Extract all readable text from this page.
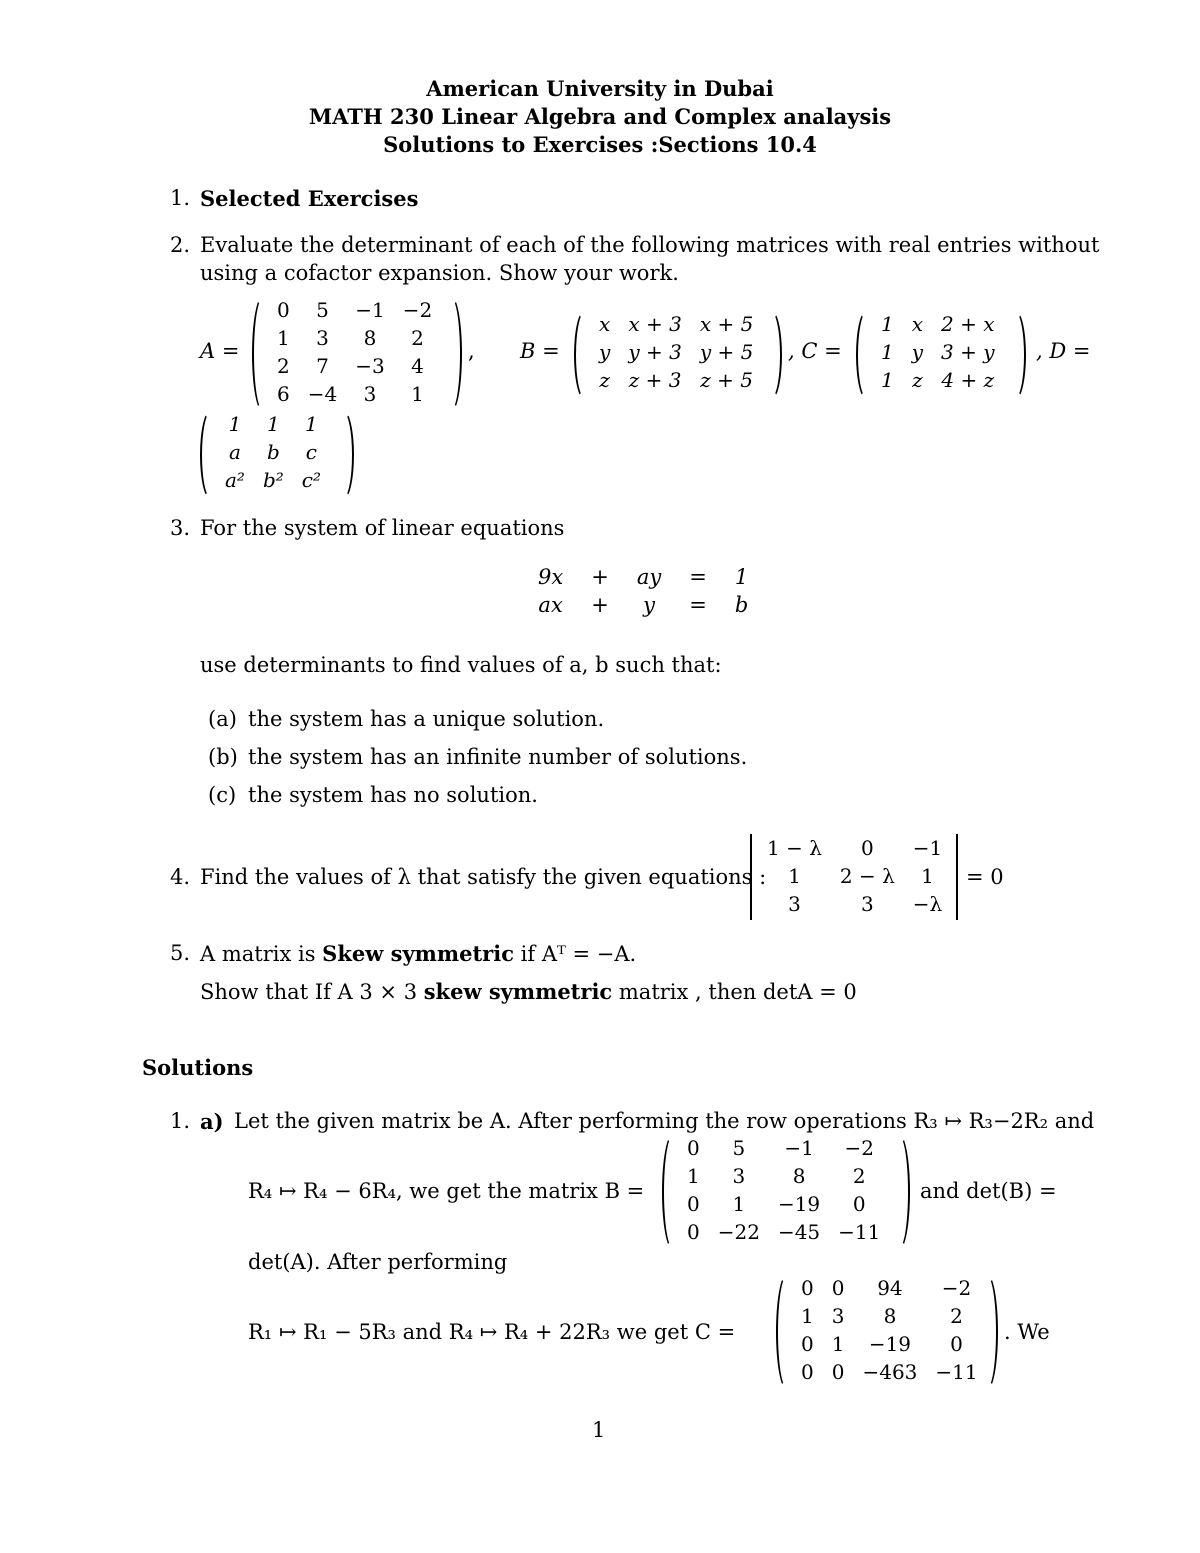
American University in Dubai
MATH 230 Linear Algebra and Complex analaysis
Solutions to Exercises :Sections 10.4
1. Selected Exercises
2. Evaluate the determinant of each of the following matrices with real entries without
using a cofactor expansion. Show your work.
A =
0	5	−1	−2
1	3	8	2
2	7	−3	4
6	−4	3	1
, B =
x	x + 3	x + 5
y	y + 3	y + 5
z	z + 3	z + 5
, C =
1	x	2 + x
1	y	3 + y
1	z	4 + z
, D =
1	1	1
a	b	c
a²	b²	c²
3. For the system of linear equations
9x	+	ay	=	1
ax	+	y	=	b
use determinants to find values of a, b such that:
(a) the system has a unique solution.
(b) the system has an infinite number of solutions.
(c) the system has no solution.
4. Find the values of λ that satisfy the given equations :
1 − λ	0	−1
1	2 − λ	1
3	3	−λ
= 0
5. A matrix is Skew symmetric if Aᵀ = −A.
Show that If A 3 × 3 skew symmetric matrix , then detA = 0
Solutions
1. a) Let the given matrix be A. After performing the row operations R₃ ↦ R₃−2R₂ and
R₄ ↦ R₄ − 6R₄, we get the matrix B =
0	5	−1	−2
1	3	8	2
0	1	−19	0
0	−22	−45	−11
and det(B) =
det(A). After performing
R₁ ↦ R₁ − 5R₃ and R₄ ↦ R₄ + 22R₃ we get C =
0	0	94	−2
1	3	8	2
0	1	−19	0
0	0	−463	−11
. We
1
